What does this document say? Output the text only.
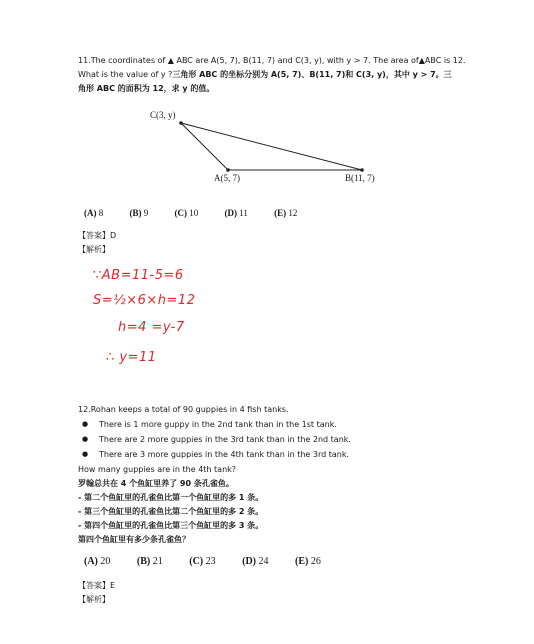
11.The coordinates of ▲ ABC are A(5, 7), B(11, 7) and C(3, y), with y > 7. The area of▲ABC is 12.
What is the value of y ?三角形 ABC 的坐标分别为 A(5, 7)、B(11, 7)和 C(3, y)，其中 y > 7。三
角形 ABC 的面积为 12，求 y 的值。
C(3, y)
A(5, 7)	B(11, 7)
(A) 8	(B) 9	(C) 10	(D) 11	(E) 12
【答案】D
【解析】
∵AB=11-5=6
S=½×6×h=12
h=4 =y-7
∴ y=11
12.Rohan keeps a total of 90 guppies in 4 fish tanks.
● There is 1 more guppy in the 2nd tank than in the 1st tank.
● There are 2 more guppies in the 3rd tank than in the 2nd tank.
● There are 3 more guppies in the 4th tank than in the 3rd tank.
How many guppies are in the 4th tank?
罗翰总共在 4 个鱼缸里养了 90 条孔雀鱼。
- 第二个鱼缸里的孔雀鱼比第一个鱼缸里的多 1 条。
- 第三个鱼缸里的孔雀鱼比第二个鱼缸里的多 2 条。
- 第四个鱼缸里的孔雀鱼比第三个鱼缸里的多 3 条。
第四个鱼缸里有多少条孔雀鱼？
(A) 20	(B) 21	(C) 23	(D) 24	(E) 26
【答案】E
【解析】
